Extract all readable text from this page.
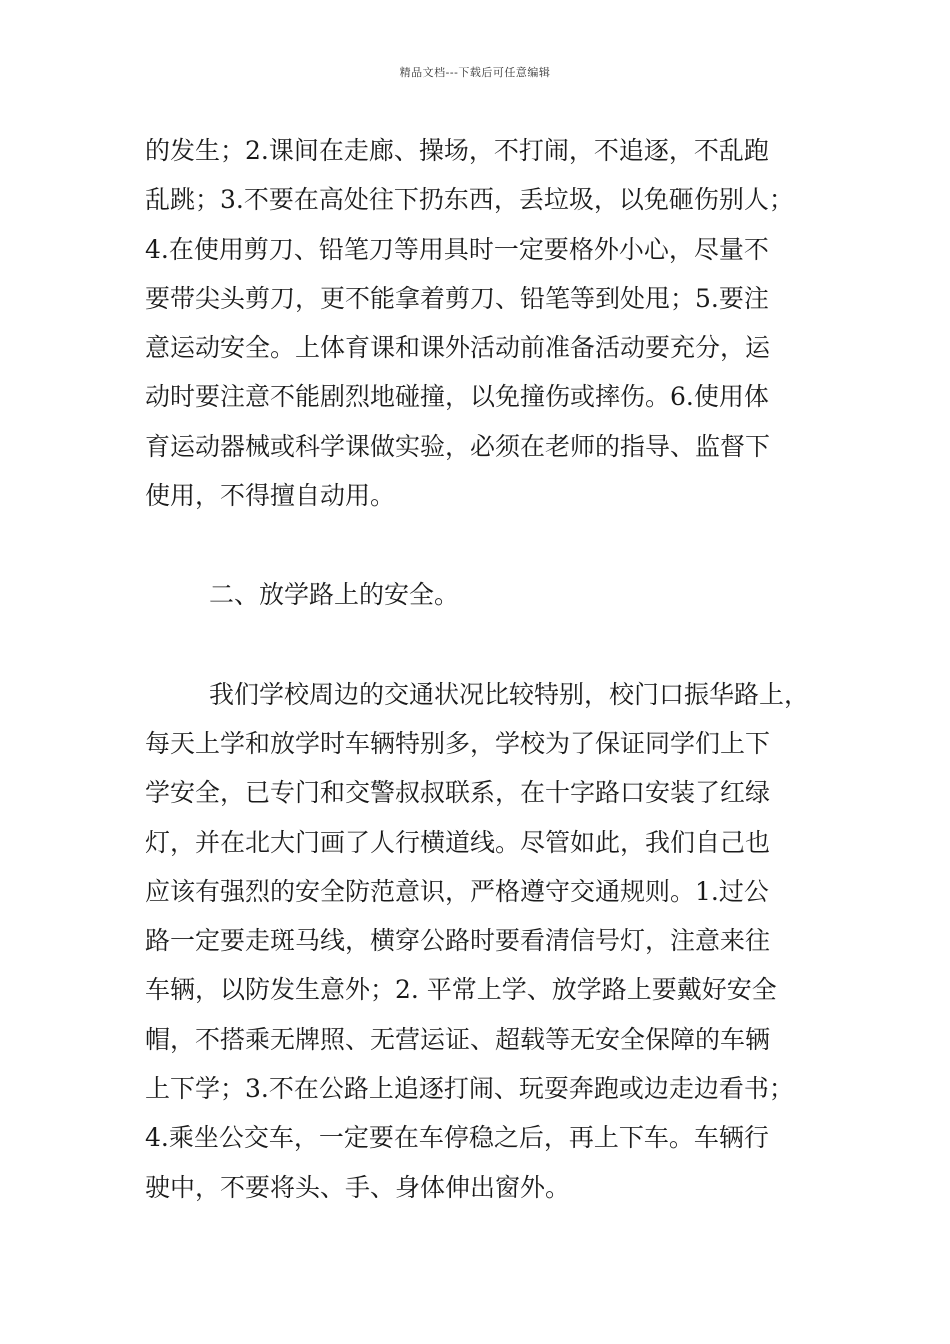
精品文档---下载后可任意编辑
的发生；2.课间在走廊、操场，不打闹，不追逐，不乱跑
乱跳；3.不要在高处往下扔东西，丢垃圾，以免砸伤别人；
4.在使用剪刀、铅笔刀等用具时一定要格外小心，尽量不
要带尖头剪刀，更不能拿着剪刀、铅笔等到处甩；5.要注
意运动安全。上体育课和课外活动前准备活动要充分，运
动时要注意不能剧烈地碰撞，以免撞伤或摔伤。6.使用体
育运动器械或科学课做实验，必须在老师的指导、监督下
使用，不得擅自动用。
二、放学路上的安全。
我们学校周边的交通状况比较特别，校门口振华路上，
每天上学和放学时车辆特别多，学校为了保证同学们上下
学安全，已专门和交警叔叔联系，在十字路口安装了红绿
灯，并在北大门画了人行横道线。尽管如此，我们自己也
应该有强烈的安全防范意识，严格遵守交通规则。1.过公
路一定要走斑马线，横穿公路时要看清信号灯，注意来往
车辆，以防发生意外；2. 平常上学、放学路上要戴好安全
帽，不搭乘无牌照、无营运证、超载等无安全保障的车辆
上下学；3.不在公路上追逐打闹、玩耍奔跑或边走边看书；
4.乘坐公交车，一定要在车停稳之后，再上下车。车辆行
驶中，不要将头、手、身体伸出窗外。
